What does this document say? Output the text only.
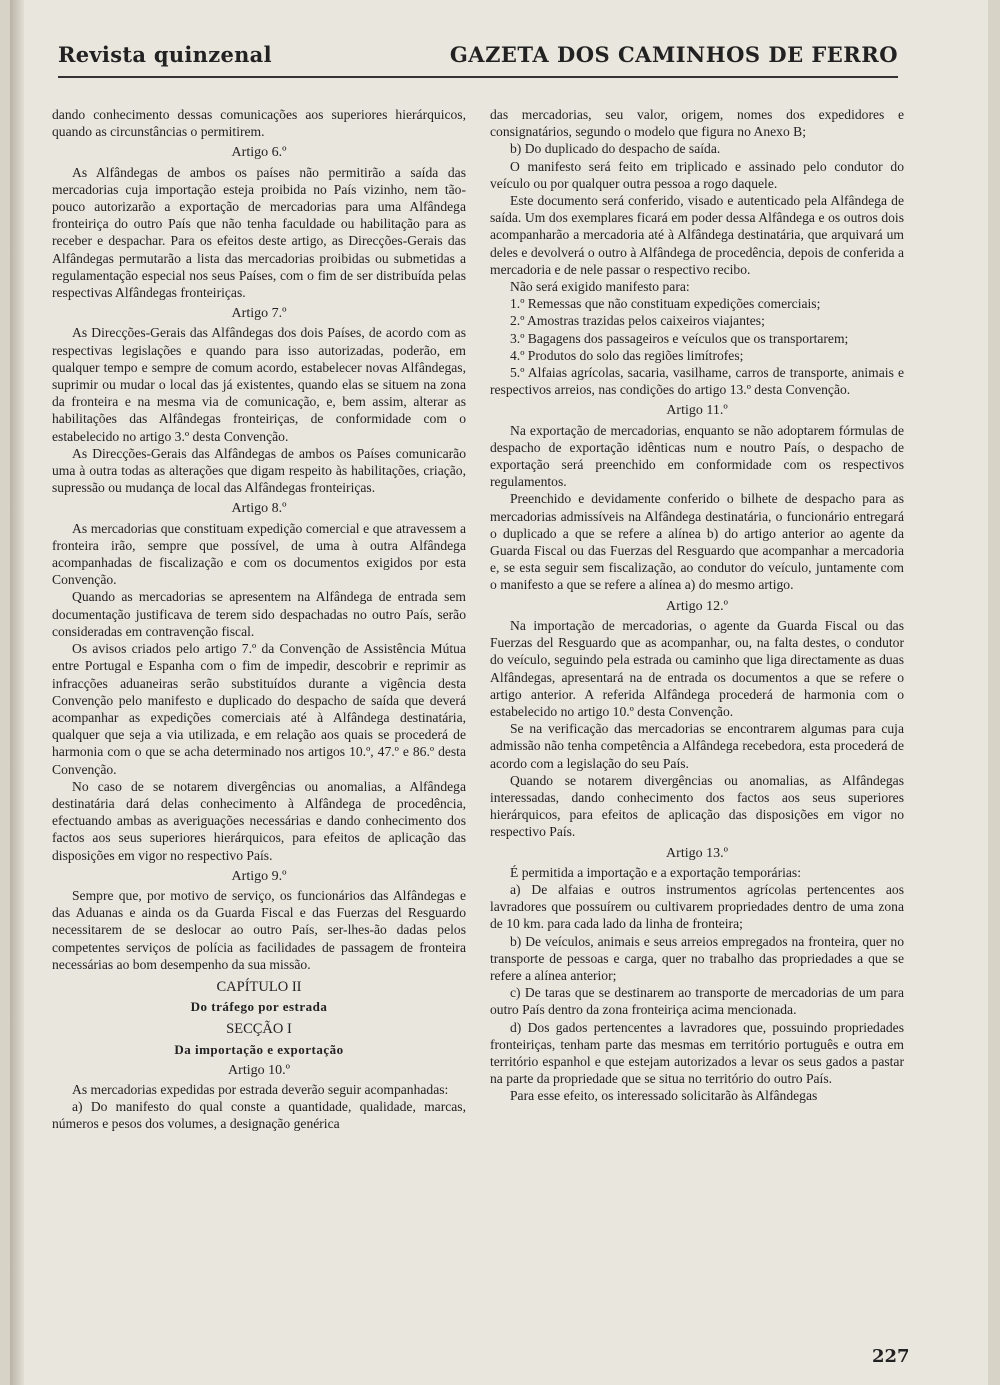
Revista quinzenal	GAZETA DOS CAMINHOS DE FERRO

dando conhecimento dessas comunicações aos superiores hierárquicos, quando as circunstâncias o permitirem.

Artigo 6.º

As Alfândegas de ambos os países não permitirão a saída das mercadorias cuja importação esteja proibida no País vizinho, nem tão-pouco autorizarão a exportação de mercadorias para uma Alfândega fronteiriça do outro País que não tenha faculdade ou habilitação para as receber e despachar. Para os efeitos deste artigo, as Direcções-Gerais das Alfândegas permutarão a lista das mercadorias proibidas ou submetidas a regulamentação especial nos seus Países, com o fim de ser distribuída pelas respectivas Alfândegas fronteiriças.

Artigo 7.º

As Direcções-Gerais das Alfândegas dos dois Países, de acordo com as respectivas legislações e quando para isso autorizadas, poderão, em qualquer tempo e sempre de comum acordo, estabelecer novas Alfândegas, suprimir ou mudar o local das já existentes, quando elas se situem na zona da fronteira e na mesma via de comunicação, e, bem assim, alterar as habilitações das Alfândegas fronteiriças, de conformidade com o estabelecido no artigo 3.º desta Convenção.

As Direcções-Gerais das Alfândegas de ambos os Países comunicarão uma à outra todas as alterações que digam respeito às habilitações, criação, supressão ou mudança de local das Alfândegas fronteiriças.

Artigo 8.º

As mercadorias que constituam expedição comercial e que atravessem a fronteira irão, sempre que possível, de uma à outra Alfândega acompanhadas de fiscalização e com os documentos exigidos por esta Convenção.

Quando as mercadorias se apresentem na Alfândega de entrada sem documentação justificava de terem sido despachadas no outro País, serão consideradas em contravenção fiscal.

Os avisos criados pelo artigo 7.º da Convenção de Assistência Mútua entre Portugal e Espanha com o fim de impedir, descobrir e reprimir as infracções aduaneiras serão substituídos durante a vigência desta Convenção pelo manifesto e duplicado do despacho de saída que deverá acompanhar as expedições comerciais até à Alfândega destinatária, qualquer que seja a via utilizada, e em relação aos quais se procederá de harmonia com o que se acha determinado nos artigos 10.º, 47.º e 86.º desta Convenção.

No caso de se notarem divergências ou anomalias, a Alfândega destinatária dará delas conhecimento à Alfândega de procedência, efectuando ambas as averiguações necessárias e dando conhecimento dos factos aos seus superiores hierárquicos, para efeitos de aplicação das disposições em vigor no respectivo País.

Artigo 9.º

Sempre que, por motivo de serviço, os funcionários das Alfândegas e das Aduanas e ainda os da Guarda Fiscal e das Fuerzas del Resguardo necessitarem de se deslocar ao outro País, ser-lhes-ão dadas pelos competentes serviços de polícia as facilidades de passagem de fronteira necessárias ao bom desempenho da sua missão.

CAPÍTULO II

Do tráfego por estrada

SECÇÃO I

Da importação e exportação

Artigo 10.º

As mercadorias expedidas por estrada deverão seguir acompanhadas:

a) Do manifesto do qual conste a quantidade, qualidade, marcas, números e pesos dos volumes, a designação genérica

das mercadorias, seu valor, origem, nomes dos expedidores e consignatários, segundo o modelo que figura no Anexo B;

b) Do duplicado do despacho de saída.

O manifesto será feito em triplicado e assinado pelo condutor do veículo ou por qualquer outra pessoa a rogo daquele.

Este documento será conferido, visado e autenticado pela Alfândega de saída. Um dos exemplares ficará em poder dessa Alfândega e os outros dois acompanharão a mercadoria até à Alfândega destinatária, que arquivará um deles e devolverá o outro à Alfândega de procedência, depois de conferida a mercadoria e de nele passar o respectivo recibo.

Não será exigido manifesto para:

1.º Remessas que não constituam expedições comerciais;

2.º Amostras trazidas pelos caixeiros viajantes;

3.º Bagagens dos passageiros e veículos que os transportarem;

4.º Produtos do solo das regiões limítrofes;

5.º Alfaias agrícolas, sacaria, vasilhame, carros de transporte, animais e respectivos arreios, nas condições do artigo 13.º desta Convenção.

Artigo 11.º

Na exportação de mercadorias, enquanto se não adoptarem fórmulas de despacho de exportação idênticas num e noutro País, o despacho de exportação será preenchido em conformidade com os respectivos regulamentos.

Preenchido e devidamente conferido o bilhete de despacho para as mercadorias admissíveis na Alfândega destinatária, o funcionário entregará o duplicado a que se refere a alínea b) do artigo anterior ao agente da Guarda Fiscal ou das Fuerzas del Resguardo que acompanhar a mercadoria e, se esta seguir sem fiscalização, ao condutor do veículo, juntamente com o manifesto a que se refere a alínea a) do mesmo artigo.

Artigo 12.º

Na importação de mercadorias, o agente da Guarda Fiscal ou das Fuerzas del Resguardo que as acompanhar, ou, na falta destes, o condutor do veículo, seguindo pela estrada ou caminho que liga directamente as duas Alfândegas, apresentará na de entrada os documentos a que se refere o artigo anterior. A referida Alfândega procederá de harmonia com o estabelecido no artigo 10.º desta Convenção.

Se na verificação das mercadorias se encontrarem algumas para cuja admissão não tenha competência a Alfândega recebedora, esta procederá de acordo com a legislação do seu País.

Quando se notarem divergências ou anomalias, as Alfândegas interessadas, dando conhecimento dos factos aos seus superiores hierárquicos, para efeitos de aplicação das disposições em vigor no respectivo País.

Artigo 13.º

É permitida a importação e a exportação temporárias:

a) De alfaias e outros instrumentos agrícolas pertencentes aos lavradores que possuírem ou cultivarem propriedades dentro de uma zona de 10 km. para cada lado da linha de fronteira;

b) De veículos, animais e seus arreios empregados na fronteira, quer no transporte de pessoas e carga, quer no trabalho das propriedades a que se refere a alínea anterior;

c) De taras que se destinarem ao transporte de mercadorias de um para outro País dentro da zona fronteiriça acima mencionada.

d) Dos gados pertencentes a lavradores que, possuindo propriedades fronteiriças, tenham parte das mesmas em território português e outra em território espanhol e que estejam autorizados a levar os seus gados a pastar na parte da propriedade que se situa no território do outro País.

Para esse efeito, os interessado solicitarão às Alfândegas

227
